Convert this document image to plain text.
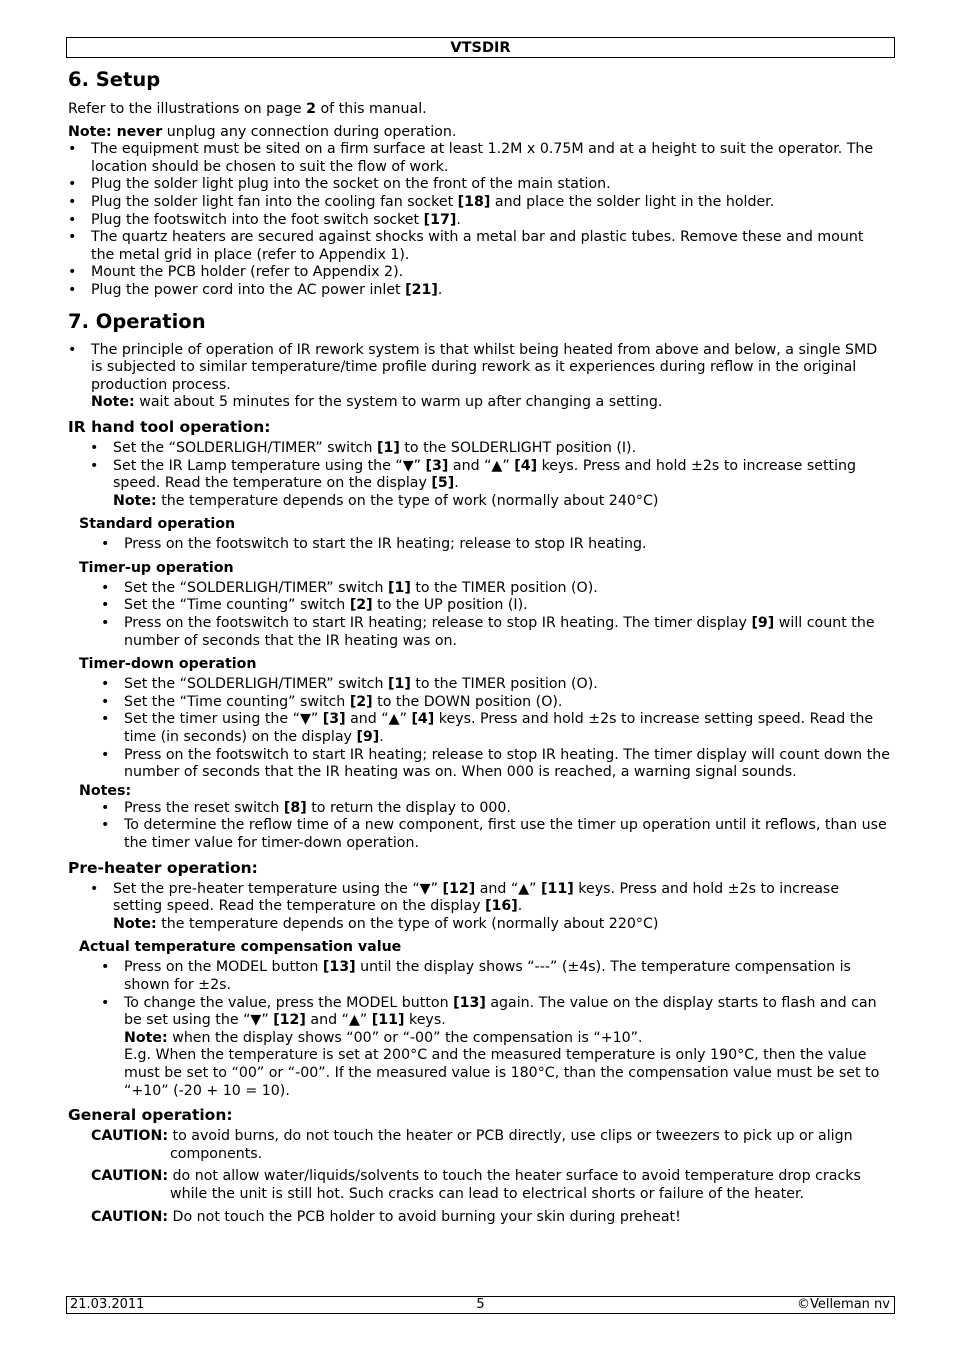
VTSDIR
6. Setup

Refer to the illustrations on page 2 of this manual.

Note: never unplug any connection during operation.

• The equipment must be sited on a firm surface at least 1.2M x 0.75M and at a height to suit the operator. The location should be chosen to suit the flow of work.
• Plug the solder light plug into the socket on the front of the main station.
• Plug the solder light fan into the cooling fan socket [18] and place the solder light in the holder.
• Plug the footswitch into the foot switch socket [17].
• The quartz heaters are secured against shocks with a metal bar and plastic tubes. Remove these and mount the metal grid in place (refer to Appendix 1).
• Mount the PCB holder (refer to Appendix 2).
• Plug the power cord into the AC power inlet [21].
7. Operation
• The principle of operation of IR rework system is that whilst being heated from above and below, a single SMD is subjected to similar temperature/time profile during rework as it experiences during reflow in the original production process.
Note: wait about 5 minutes for the system to warm up after changing a setting.
IR hand tool operation:
• Set the “SOLDERLIGH/TIMER” switch [1] to the SOLDERLIGHT position (I).
• Set the IR Lamp temperature using the “▼” [3] and “▲” [4] keys. Press and hold ±2s to increase setting speed. Read the temperature on the display [5].
Note: the temperature depends on the type of work (normally about 240°C)
Standard operation
• Press on the footswitch to start the IR heating; release to stop IR heating.
Timer-up operation
• Set the “SOLDERLIGH/TIMER” switch [1] to the TIMER position (O).
• Set the “Time counting” switch [2] to the UP position (I).
• Press on the footswitch to start IR heating; release to stop IR heating. The timer display [9] will count the number of seconds that the IR heating was on.
Timer-down operation
• Set the “SOLDERLIGH/TIMER” switch [1] to the TIMER position (O).
• Set the “Time counting” switch [2] to the DOWN position (O).
• Set the timer using the “▼” [3] and “▲” [4] keys. Press and hold ±2s to increase setting speed. Read the time (in seconds) on the display [9].
• Press on the footswitch to start IR heating; release to stop IR heating. The timer display will count down the number of seconds that the IR heating was on. When 000 is reached, a warning signal sounds.
Notes:
• Press the reset switch [8] to return the display to 000.
• To determine the reflow time of a new component, first use the timer up operation until it reflows, than use the timer value for timer-down operation.
Pre-heater operation:
• Set the pre-heater temperature using the “▼” [12] and “▲” [11] keys. Press and hold ±2s to increase setting speed. Read the temperature on the display [16].
Note: the temperature depends on the type of work (normally about 220°C)
Actual temperature compensation value
• Press on the MODEL button [13] until the display shows “---” (±4s). The temperature compensation is shown for ±2s.
• To change the value, press the MODEL button [13] again. The value on the display starts to flash and can be set using the “▼” [12] and “▲” [11] keys.
Note: when the display shows “00” or “-00” the compensation is “+10”.
E.g. When the temperature is set at 200°C and the measured temperature is only 190°C, then the value must be set to “00” or “-00”. If the measured value is 180°C, than the compensation value must be set to “+10” (-20 + 10 = 10).
General operation:

CAUTION: to avoid burns, do not touch the heater or PCB directly, use clips or tweezers to pick up or align components.

CAUTION: do not allow water/liquids/solvents to touch the heater surface to avoid temperature drop cracks while the unit is still hot. Such cracks can lead to electrical shorts or failure of the heater.

CAUTION: Do not touch the PCB holder to avoid burning your skin during preheat!

21.03.2011	5	©Velleman nv
